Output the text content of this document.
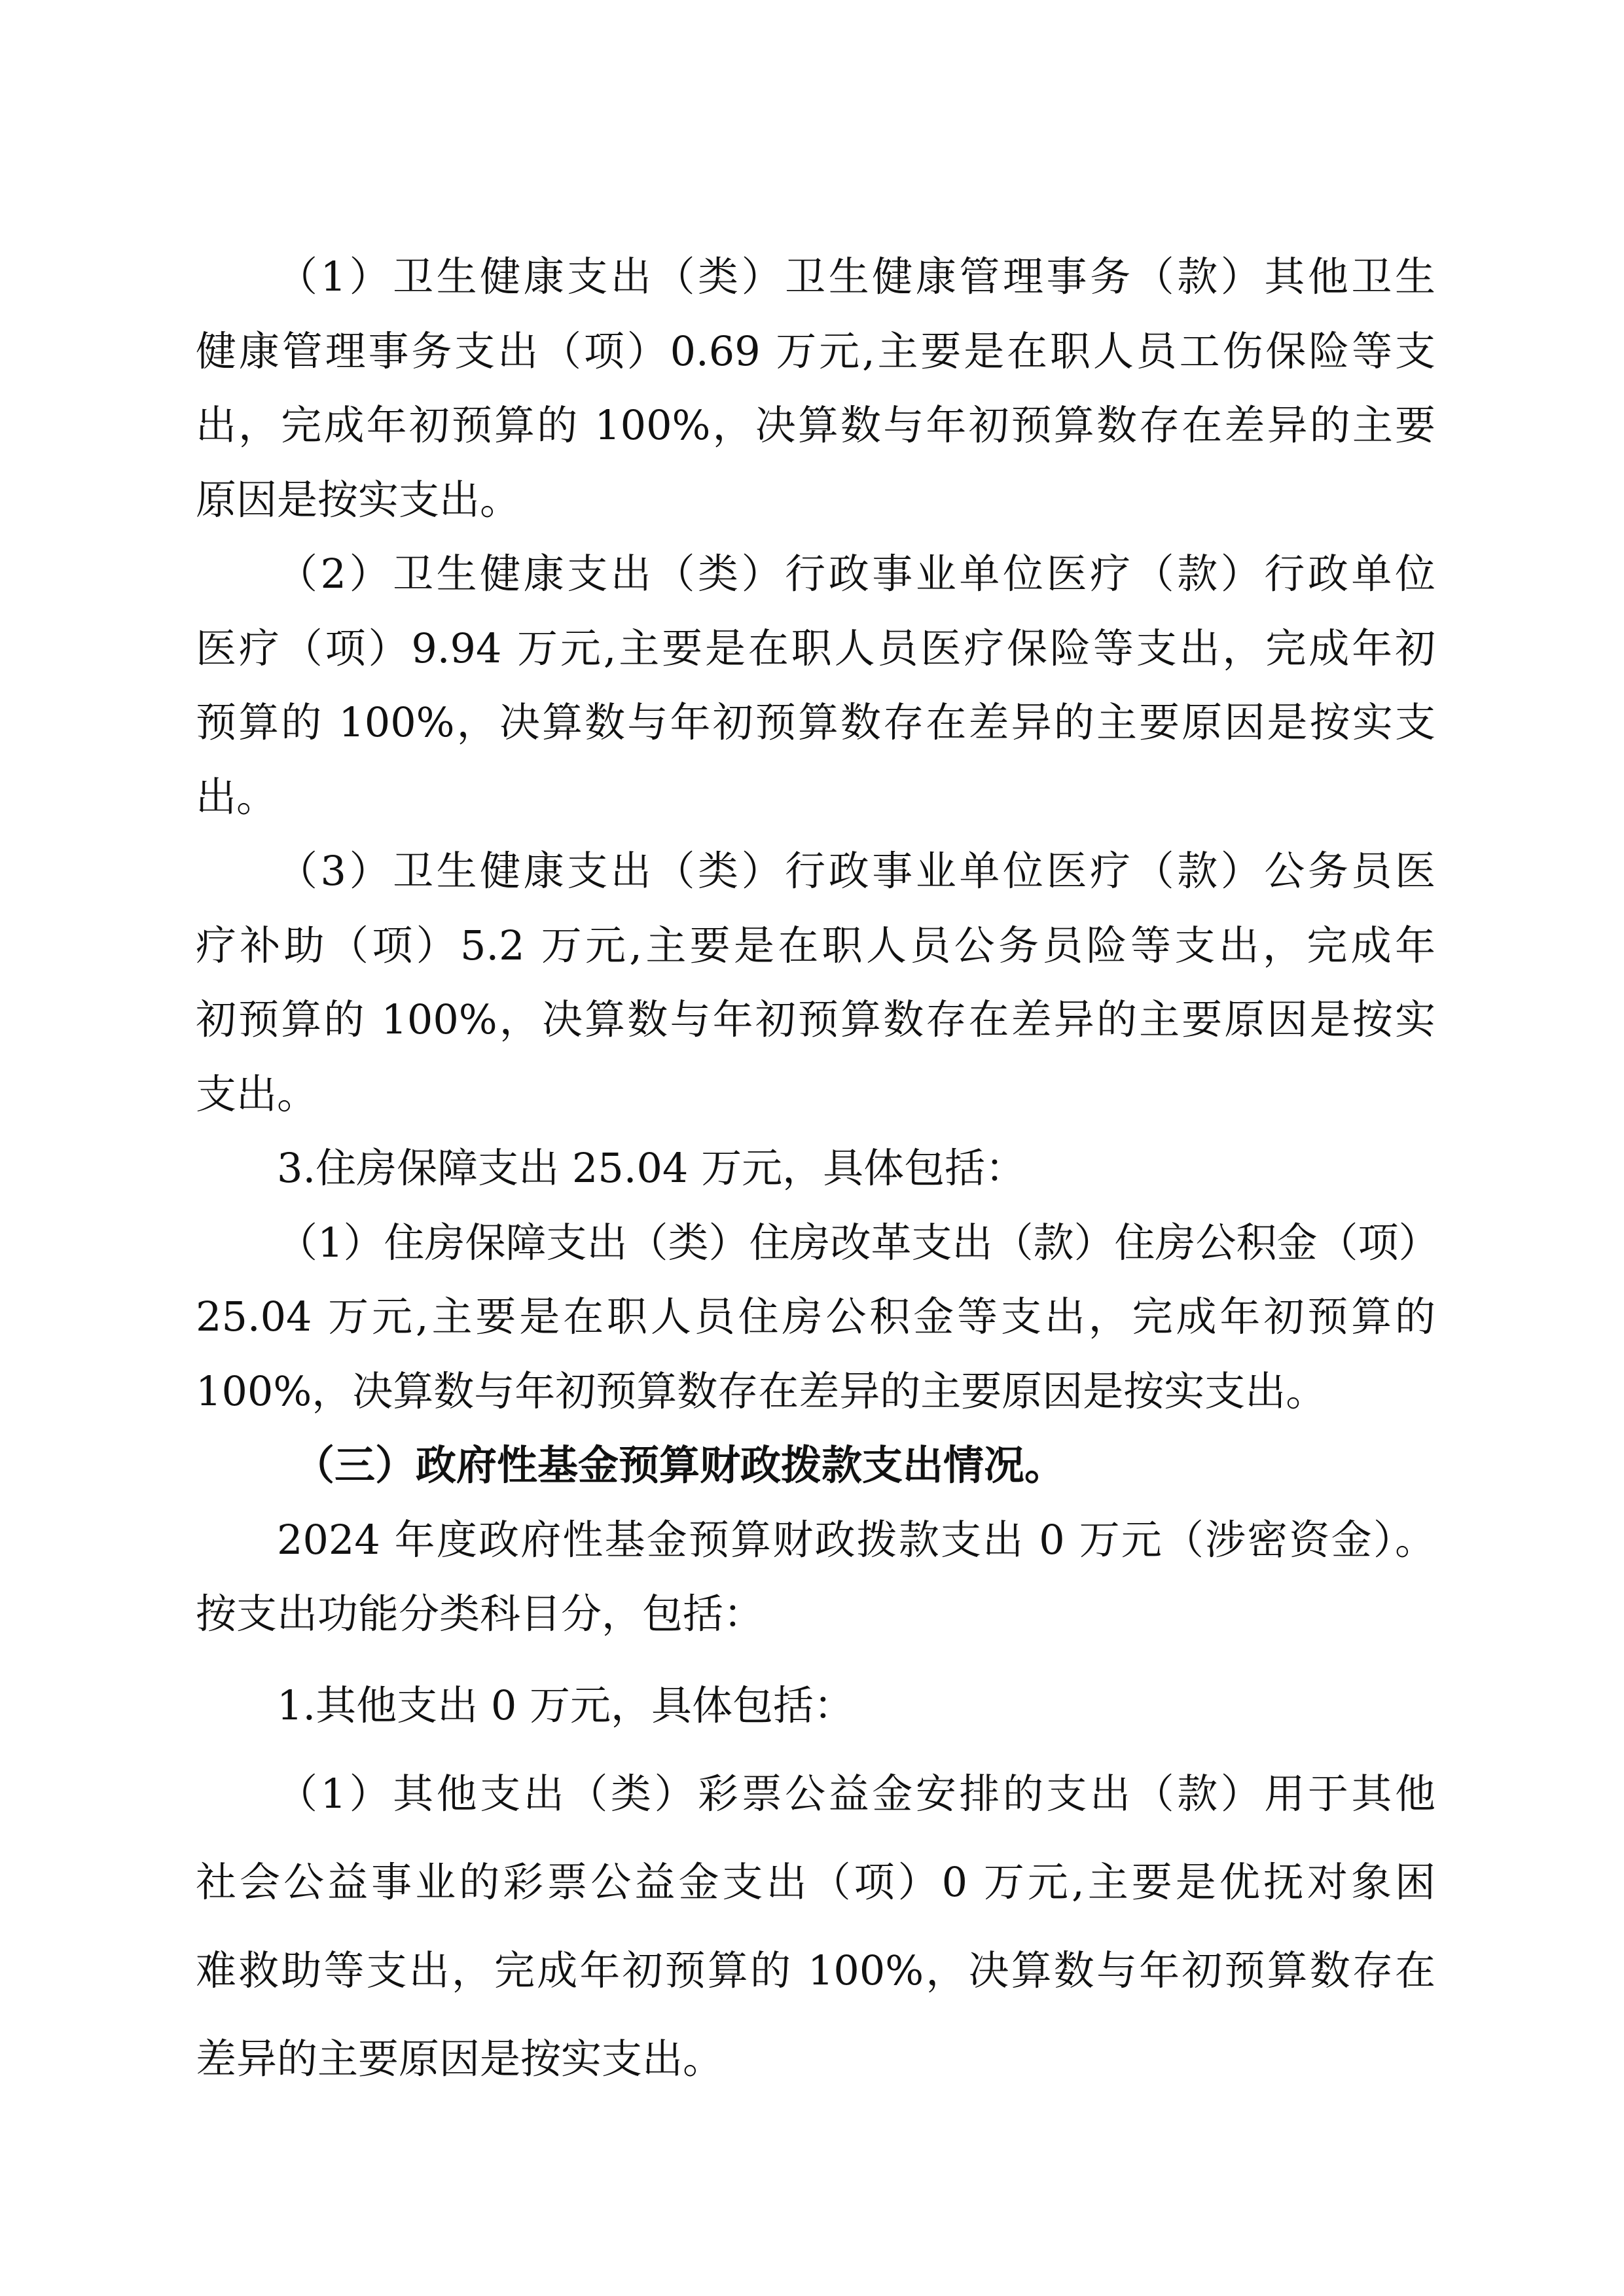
（1）卫生健康支出（类）卫生健康管理事务（款）其他卫生
健康管理事务支出（项）0.69 万元,主要是在职人员工伤保险等支
出，完成年初预算的 100%，决算数与年初预算数存在差异的主要
原因是按实支出。
（2）卫生健康支出（类）行政事业单位医疗（款）行政单位
医疗（项）9.94 万元,主要是在职人员医疗保险等支出，完成年初
预算的 100%，决算数与年初预算数存在差异的主要原因是按实支
出。
（3）卫生健康支出（类）行政事业单位医疗（款）公务员医
疗补助（项）5.2 万元,主要是在职人员公务员险等支出，完成年
初预算的 100%，决算数与年初预算数存在差异的主要原因是按实
支出。
3.住房保障支出 25.04 万元，具体包括：
（1）住房保障支出（类）住房改革支出（款）住房公积金（项）
25.04 万元,主要是在职人员住房公积金等支出，完成年初预算的
100%，决算数与年初预算数存在差异的主要原因是按实支出。
（三）政府性基金预算财政拨款支出情况。
2024 年度政府性基金预算财政拨款支出 0 万元（涉密资金）。
按支出功能分类科目分，包括：
1.其他支出 0 万元，具体包括：
（1）其他支出（类）彩票公益金安排的支出（款）用于其他
社会公益事业的彩票公益金支出（项）0 万元,主要是优抚对象困
难救助等支出，完成年初预算的 100%，决算数与年初预算数存在
差异的主要原因是按实支出。
